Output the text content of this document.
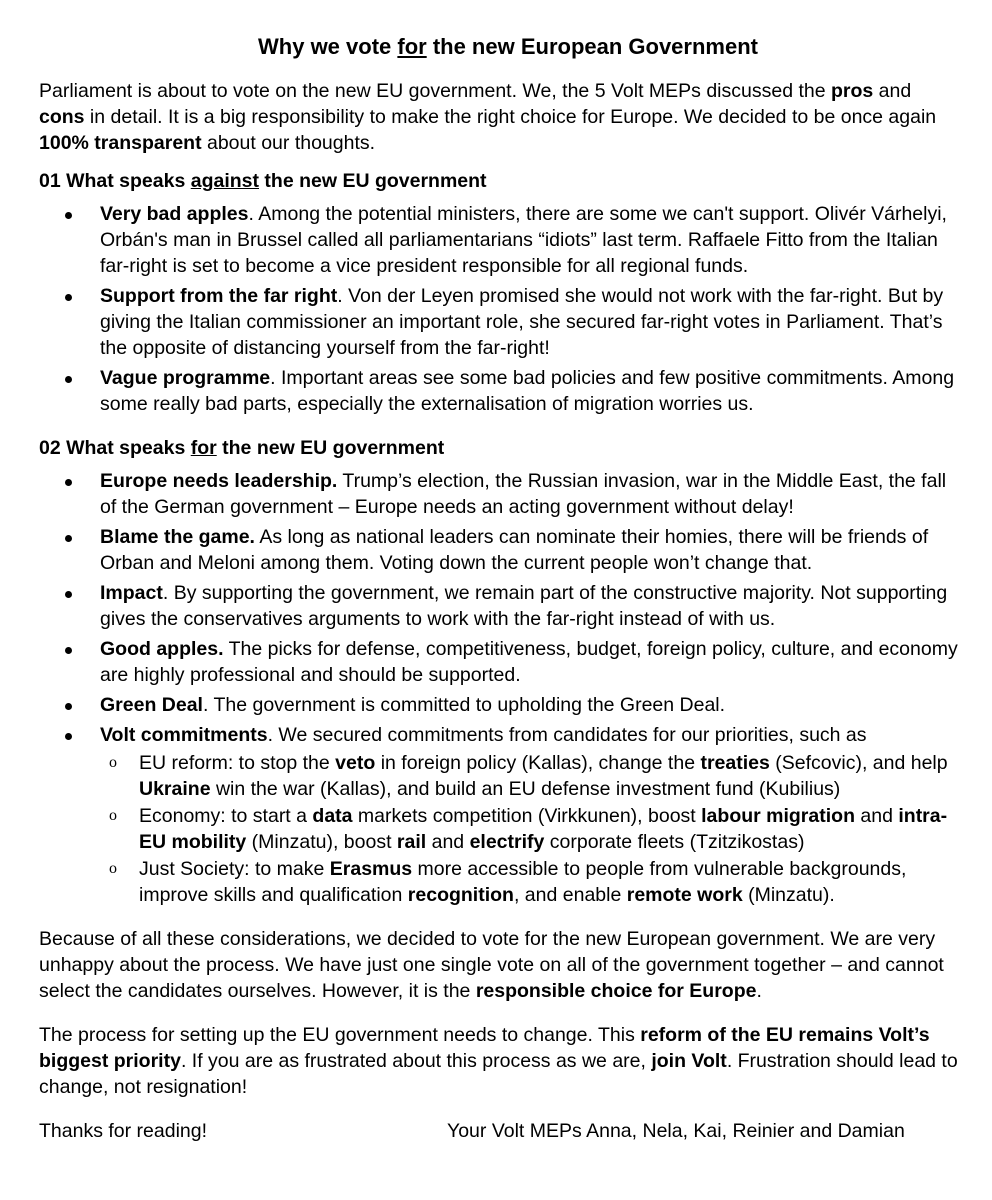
Why we vote for the new European Government

Parliament is about to vote on the new EU government. We, the 5 Volt MEPs discussed the pros and cons in detail. It is a big responsibility to make the right choice for Europe. We decided to be once again 100% transparent about our thoughts.

01 What speaks against the new EU government

Very bad apples. Among the potential ministers, there are some we can't support. Olivér Várhelyi, Orbán's man in Brussel called all parliamentarians “idiots” last term. Raffaele Fitto from the Italian far-right is set to become a vice president responsible for all regional funds.
Support from the far right. Von der Leyen promised she would not work with the far-right. But by giving the Italian commissioner an important role, she secured far-right votes in Parliament. That’s the opposite of distancing yourself from the far-right!
Vague programme. Important areas see some bad policies and few positive commitments. Among some really bad parts, especially the externalisation of migration worries us.

02 What speaks for the new EU government

Europe needs leadership. Trump’s election, the Russian invasion, war in the Middle East, the fall of the German government – Europe needs an acting government without delay!
Blame the game. As long as national leaders can nominate their homies, there will be friends of Orban and Meloni among them. Voting down the current people won’t change that.
Impact. By supporting the government, we remain part of the constructive majority. Not supporting gives the conservatives arguments to work with the far-right instead of with us.
Good apples. The picks for defense, competitiveness, budget, foreign policy, culture, and economy are highly professional and should be supported.
Green Deal. The government is committed to upholding the Green Deal.
Volt commitments. We secured commitments from candidates for our priorities, such as
o EU reform: to stop the veto in foreign policy (Kallas), change the treaties (Sefcovic), and help Ukraine win the war (Kallas), and build an EU defense investment fund (Kubilius)
o Economy: to start a data markets competition (Virkkunen), boost labour migration and intra-EU mobility (Minzatu), boost rail and electrify corporate fleets (Tzitzikostas)
o Just Society: to make Erasmus more accessible to people from vulnerable backgrounds, improve skills and qualification recognition, and enable remote work (Minzatu).

Because of all these considerations, we decided to vote for the new European government. We are very unhappy about the process. We have just one single vote on all of the government together – and cannot select the candidates ourselves. However, it is the responsible choice for Europe.

The process for setting up the EU government needs to change. This reform of the EU remains Volt’s biggest priority. If you are as frustrated about this process as we are, join Volt. Frustration should lead to change, not resignation!

Thanks for reading!	Your Volt MEPs Anna, Nela, Kai, Reinier and Damian
